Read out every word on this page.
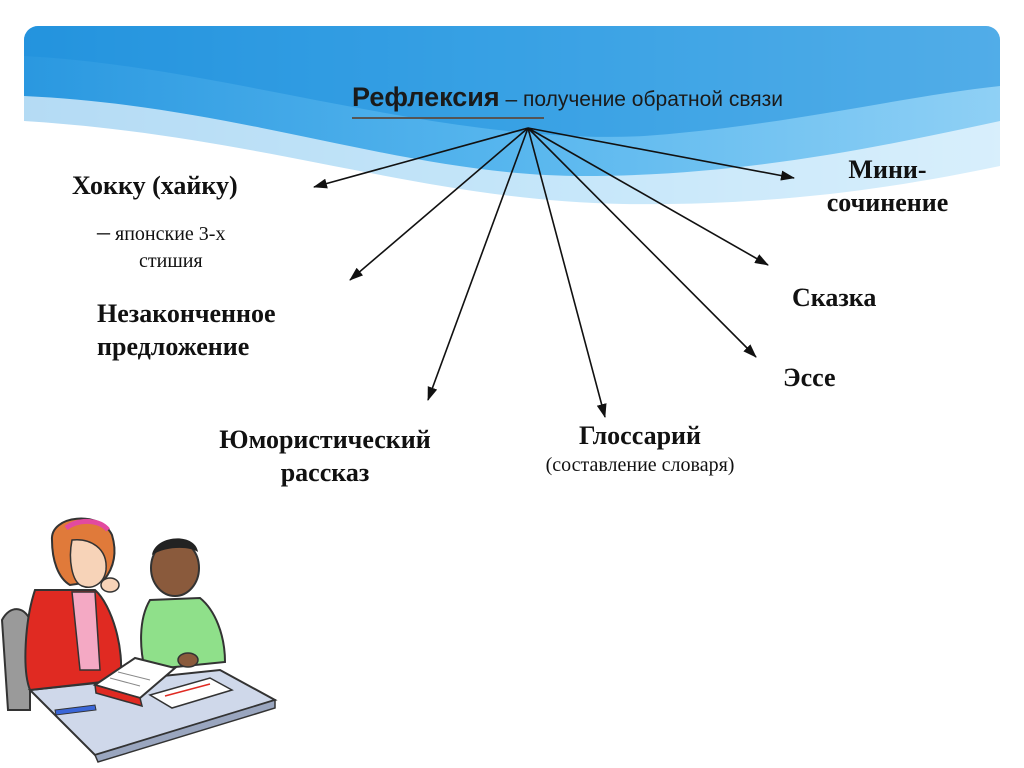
Рефлексия – получение обратной связи
Хокку (хайку)
– японские 3-х
стишия
Незаконченное
предложение
Юмористический
рассказ
Глоссарий
(составление словаря)
Эссе
Сказка
Мини-
сочинение
